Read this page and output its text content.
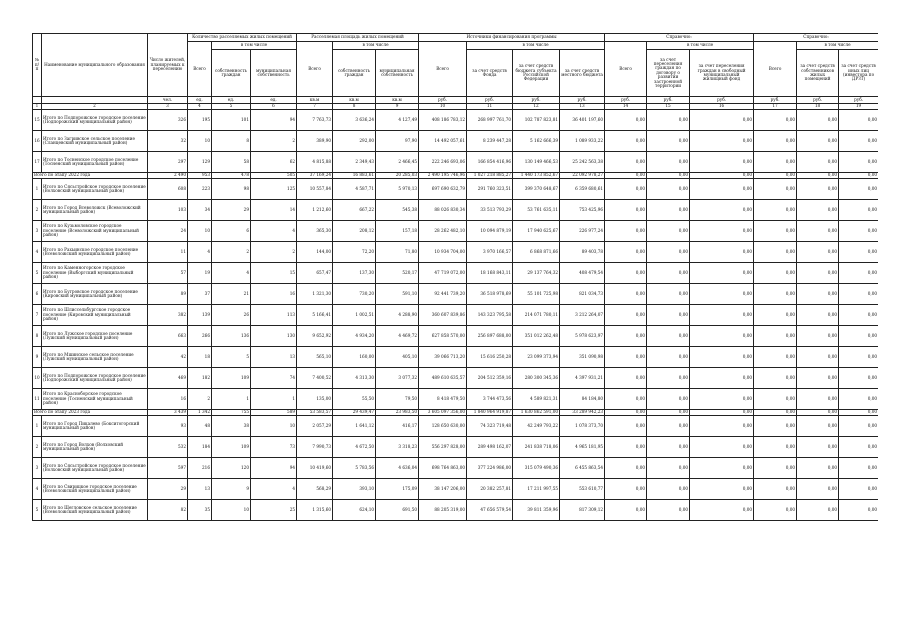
№ п/п	Наименование муниципального образования	Число жителей, планируемых к переселению	Количество расселяемых жилых помещений			Расселяемая площадь жилых помещений			Источники финансирования программы				Справочно:			Справочно:		
			Всего	в том числе		Всего	в том числе		Всего	в том числе			Всего	в том числе		Всего	в том числе	
				собственность граждан	муниципальная собственность		собственность граждан	муниципальная собственность		за счет средств Фонда	за счет средств бюджета субъекта Российской Федерации	за счет средств местного бюджета		за счет переселения граждан по договору о развитии застроенной территории	за счет переселения граждан в свободный муниципальный жилищный фонд		за счет средств собственников жилых помещений	за счет средств иных лиц (инвестора по ДРЗТ)
		чел.	ед.	ед.	ед.	кв.м	кв.м	кв.м	руб.	руб.	руб.	руб.	руб.	руб.	руб.	руб.	руб.	руб.
1	2	3	4	5	6	7	8	9	10	11	12	13	14	15	16	17	18	19
15	Итого по Подпорожское городское поселение (Подпорожский муниципальный район)	326	195	101	94	7 763,73	3 636,24	4 127,49	408 186 783,12	268 997 761,70	102 787 823,81	36 401 197,60	0,00	0,00	0,00	0,00	0,00	0,00
16	Итого по Загривское сельское поселение (Сланцевский муниципальный район)	32	10	8	2	389,90	292,00	97,90	14 492 057,61	8 239 447,28	5 162 666,39	1 089 933,22	0,00	0,00	0,00	0,00	0,00	0,00
17	Итого по Тосненское городское поселение (Тосненский муниципальный район)	297	129	58	62	4 815,88	2 349,43	2 466,45	222 246 693,06	166 854 416,96	130 149 466,53	25 242 563,38	0,00	0,00	0,00	0,00	0,00	0,00
Всего по этапу 2022 года		2 490	953	478	505	37 169,24	16 883,61	20 285,03	2 490 195 746,96	1 027 218 885,27	1 440 173 852,67	22 092 978,27	0,00	0,00	0,00	0,00	0,00	0,00
1	Итого по Сясьстройское городское поселение (Волховский муниципальный район)	608	223	98	125	10 557,84	4 587,71	5 970,13	697 690 632,79	291 760 323,51	399 370 648,67	6 359 680,61	0,00	0,00	0,00	0,00	0,00	0,00
2	Итого по Город Всеволожск (Всеволожский муниципальный район)	103	34	29	14	1 212,60	667,22	545,38	88 026 830,34	33 513 793,29	53 761 635,11	753 425,96	0,00	0,00	0,00	0,00	0,00	0,00
3	Итого по Кузьмоловское городское поселение (Всеволожский муниципальный район)	24	10	6	4	365,30	208,12	157,18	28 262 482,10	10 094 879,19	17 940 625,67	226 977,24	0,00	0,00	0,00	0,00	0,00	0,00
4	Итого по Рахьинское городское поселение (Всеволожский муниципальный район)	11	4	2	2	144,00	72,20	71,80	10 934 704,00	3 970 166,57	6 868 871,66	89 403,78	0,00	0,00	0,00	0,00	0,00	0,00
5	Итого по Каменногорское городское поселение (Выборгский муниципальный район)	57	19	4	15	657,47	137,30	520,17	47 719 072,00	18 168 843,11	29 137 764,32	408 479,54	0,00	0,00	0,00	0,00	0,00	0,00
6	Итого по Бугровское городское поселение (Кировский муниципальный район)	89	37	21	16	1 321,30	730,20	591,10	92 441 739,20	36 518 978,69	55 101 725,98	821 034,73	0,00	0,00	0,00	0,00	0,00	0,00
7	Итого по Шлиссельбургское городское поселение (Кировский муниципальный район)	382	139	26	113	5 166,41	1 002,51	4 288,90	360 607 839,86	143 323 795,58	214 071 780,11	3 212 264,07	0,00	0,00	0,00	0,00	0,00	0,00
8	Итого по Лужское городское поселение (Лужский муниципальный район)	663	266	136	130	9 652,92	4 934,20	4 469,72	627 858 570,00	256 897 688,00	351 012 262,48	5 978 623,97	0,00	0,00	0,00	0,00	0,00	0,00
9	Итого по Мшинское сельское поселение (Лужский муниципальный район)	42	18	5	13	565,10	160,00	405,10	39 066 713,20	15 616 250,28	23 099 373,94	351 090,98	0,00	0,00	0,00	0,00	0,00	0,00
10	Итого по Подпорожское городское поселение (Подпорожский муниципальный район)	469	182	109	74	7 400,52	4 313,30	3 077,32	489 610 635,57	204 512 359,16	280 300 345,36	4 397 931,21	0,00	0,00	0,00	0,00	0,00	0,00
11	Итого по Красноборское городское поселение (Тосненский муниципальный район)	16	2	1	1	135,00	55,50	79,50	8 418 479,50	3 744 473,56	4 589 821,31	84 184,80	0,00	0,00	0,00	0,00	0,00	0,00
Всего по этапу 2023 года		3 439	1 342	755	589	53 583,57	29 439,47	23 983,50	3 605 097 356,00	1 840 964 919,87	1 630 862 591,00	33 289 942,23	0,00	0,00	0,00	0,00	0,00	0,00
1	Итого по Город Пикалево (Бокситогорский муниципальный район)	93	48	38	10	2 057,29	1 641,12	416,17	128 650 630,00	74 323 719,48	42 249 793,22	1 078 373,70	0,00	0,00	0,00	0,00	0,00	0,00
2	Итого по Город Волхов (Волховский муниципальный район)	532	184	109	73	7 990,73	4 672,50	3 318,23	556 297 828,00	289 498 162,07	241 838 718,06	4 965 181,95	0,00	0,00	0,00	0,00	0,00	0,00
3	Итого по Сясьстройское городское поселение (Волховский муниципальный район)	597	216	120	94	10 419,60	5 783,56	4 636,04	698 764 863,00	377 224 986,00	315 079 490,36	6 455 863,54	0,00	0,00	0,00	0,00	0,00	0,00
4	Итого по Свирицкое городское поселение (Всеволожский муниципальный район)	29	13	9	4	568,29	393,10	175,09	38 147 206,00	20 382 257,81	17 211 997,55	553 610,77	0,00	0,00	0,00	0,00	0,00	0,00
5	Итого по Щегловское сельское поселение (Всеволожский муниципальный район)	82	35	10	25	1 315,60	624,10	691,50	88 205 319,00	47 656 579,54	39 811 359,96	817 309,12	0,00	0,00	0,00	0,00	0,00	0,00
